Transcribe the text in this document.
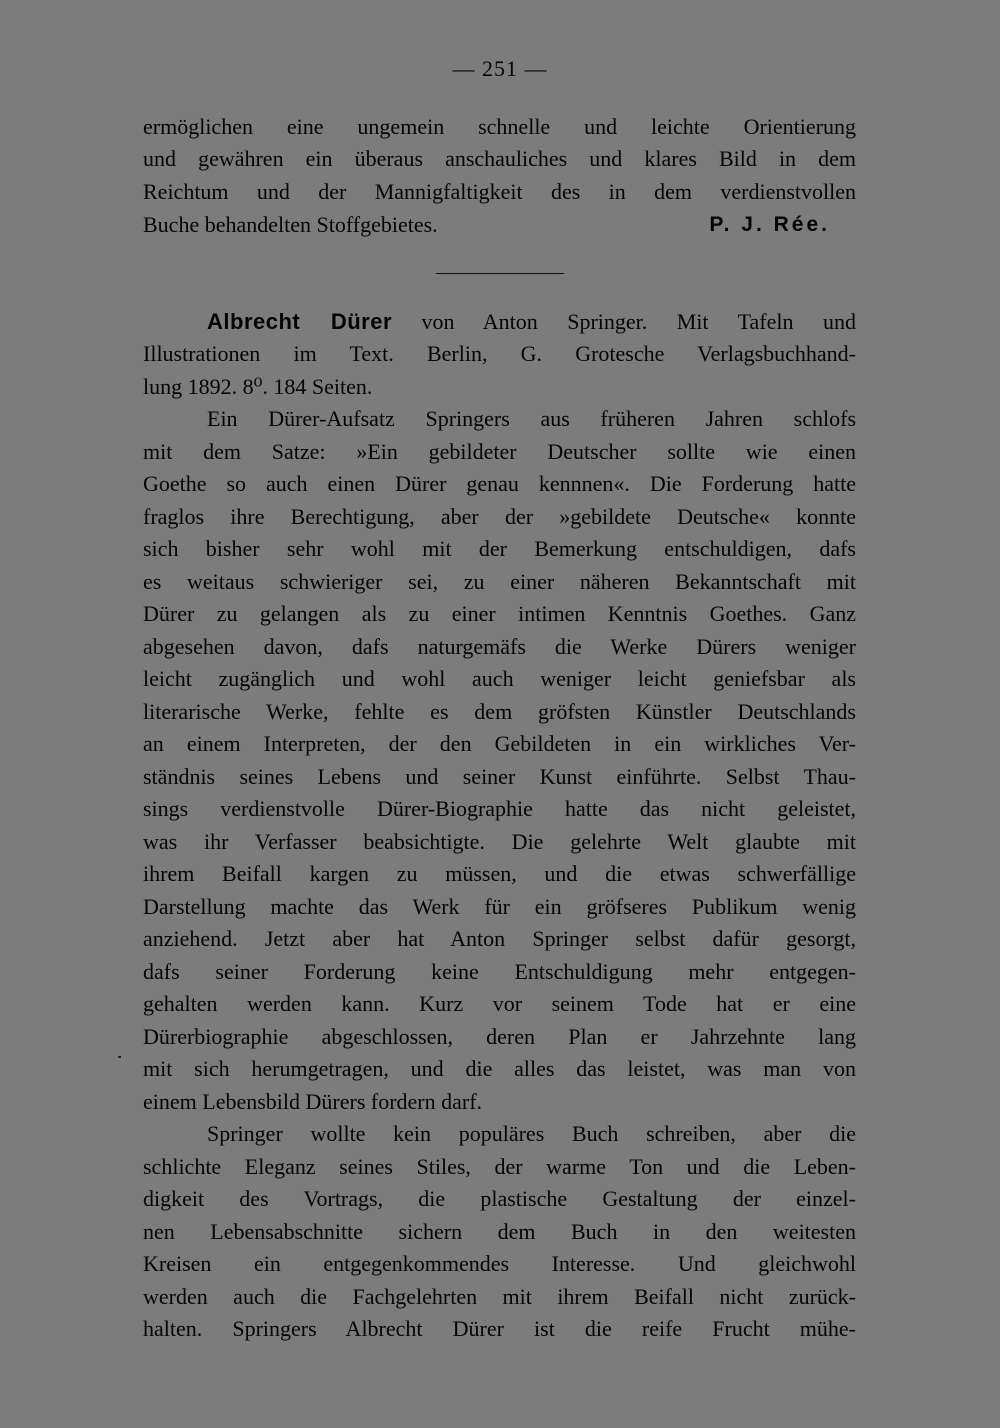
— 251 —
ermöglichen eine ungemein schnelle und leichte Orientierung
und gewähren ein überaus anschauliches und klares Bild in dem
Reichtum und der Mannigfaltigkeit des in dem verdienstvollen
Buche behandelten Stoffgebietes.	P. J. Rée.
Albrecht Dürer von Anton Springer. Mit Tafeln und
Illustrationen im Text. Berlin, G. Grotesche Verlagsbuchhand-
lung 1892. 8⁰. 184 Seiten.
Ein Dürer-Aufsatz Springers aus früheren Jahren schlofs
mit dem Satze: »Ein gebildeter Deutscher sollte wie einen
Goethe so auch einen Dürer genau kennnen«. Die Forderung hatte
fraglos ihre Berechtigung, aber der »gebildete Deutsche« konnte
sich bisher sehr wohl mit der Bemerkung entschuldigen, dafs
es weitaus schwieriger sei, zu einer näheren Bekanntschaft mit
Dürer zu gelangen als zu einer intimen Kenntnis Goethes. Ganz
abgesehen davon, dafs naturgemäfs die Werke Dürers weniger
leicht zugänglich und wohl auch weniger leicht geniefsbar als
literarische Werke, fehlte es dem gröfsten Künstler Deutschlands
an einem Interpreten, der den Gebildeten in ein wirkliches Ver-
ständnis seines Lebens und seiner Kunst einführte. Selbst Thau-
sings verdienstvolle Dürer-Biographie hatte das nicht geleistet,
was ihr Verfasser beabsichtigte. Die gelehrte Welt glaubte mit
ihrem Beifall kargen zu müssen, und die etwas schwerfällige
Darstellung machte das Werk für ein gröfseres Publikum wenig
anziehend. Jetzt aber hat Anton Springer selbst dafür gesorgt,
dafs seiner Forderung keine Entschuldigung mehr entgegen-
gehalten werden kann. Kurz vor seinem Tode hat er eine
Dürerbiographie abgeschlossen, deren Plan er Jahrzehnte lang
mit sich herumgetragen, und die alles das leistet, was man von
einem Lebensbild Dürers fordern darf.
Springer wollte kein populäres Buch schreiben, aber die
schlichte Eleganz seines Stiles, der warme Ton und die Leben-
digkeit des Vortrags, die plastische Gestaltung der einzel-
nen Lebensabschnitte sichern dem Buch in den weitesten
Kreisen ein entgegenkommendes Interesse. Und gleichwohl
werden auch die Fachgelehrten mit ihrem Beifall nicht zurück-
halten. Springers Albrecht Dürer ist die reife Frucht mühe-
